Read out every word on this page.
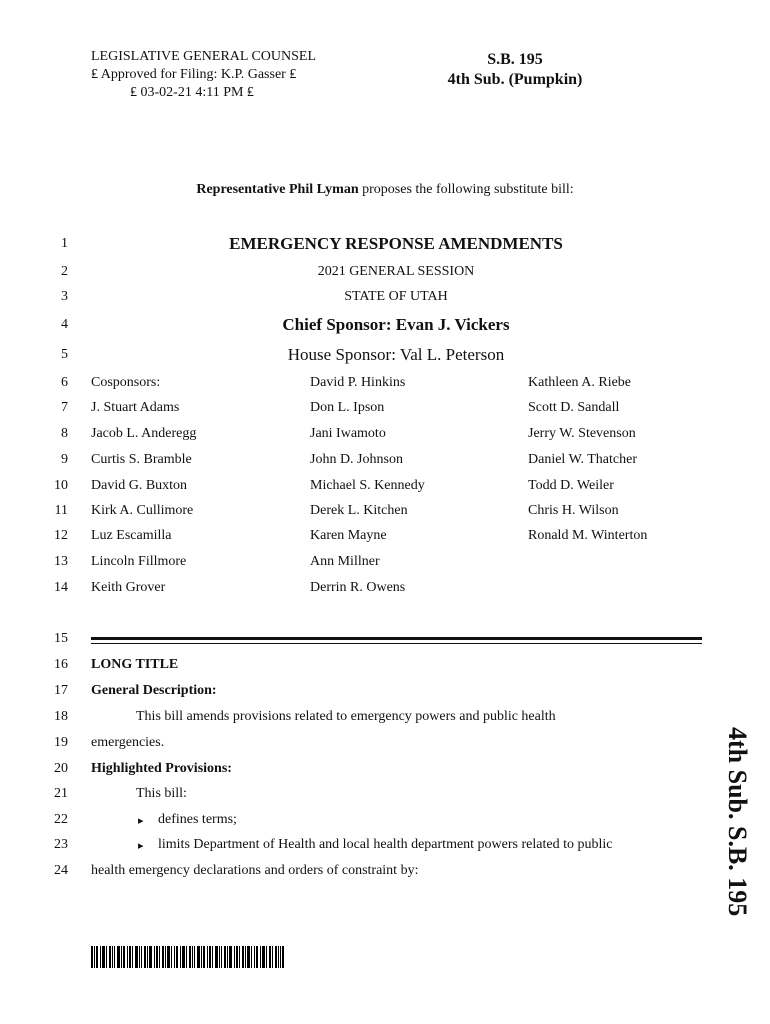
LEGISLATIVE GENERAL COUNSEL
₤ Approved for Filing: K.P. Gasser ₤
₤ 03-02-21 4:11 PM ₤
S.B. 195
4th Sub. (Pumpkin)
Representative Phil Lyman proposes the following substitute bill:
1
2
3
4
5
6
7
8
9
10
11
12
13
14
15
16
17
18
19
20
21
22
23
24
EMERGENCY RESPONSE AMENDMENTS
2021 GENERAL SESSION
STATE OF UTAH
Chief Sponsor: Evan J. Vickers
House Sponsor: Val L. Peterson
Cosponsors:	David P. Hinkins	Kathleen A. Riebe
J. Stuart Adams	Don L. Ipson	Scott D. Sandall
Jacob L. Anderegg	Jani Iwamoto	Jerry W. Stevenson
Curtis S. Bramble	John D. Johnson	Daniel W. Thatcher
David G. Buxton	Michael S. Kennedy	Todd D. Weiler
Kirk A. Cullimore	Derek L. Kitchen	Chris H. Wilson
Luz Escamilla	Karen Mayne	Ronald M. Winterton
Lincoln Fillmore	Ann Millner
Keith Grover	Derrin R. Owens
LONG TITLE
General Description:
This bill amends provisions related to emergency powers and public health
emergencies.
Highlighted Provisions:
This bill:
▸ defines terms;
▸ limits Department of Health and local health department powers related to public
health emergency declarations and orders of constraint by:	4th Sub. S.B. 195
